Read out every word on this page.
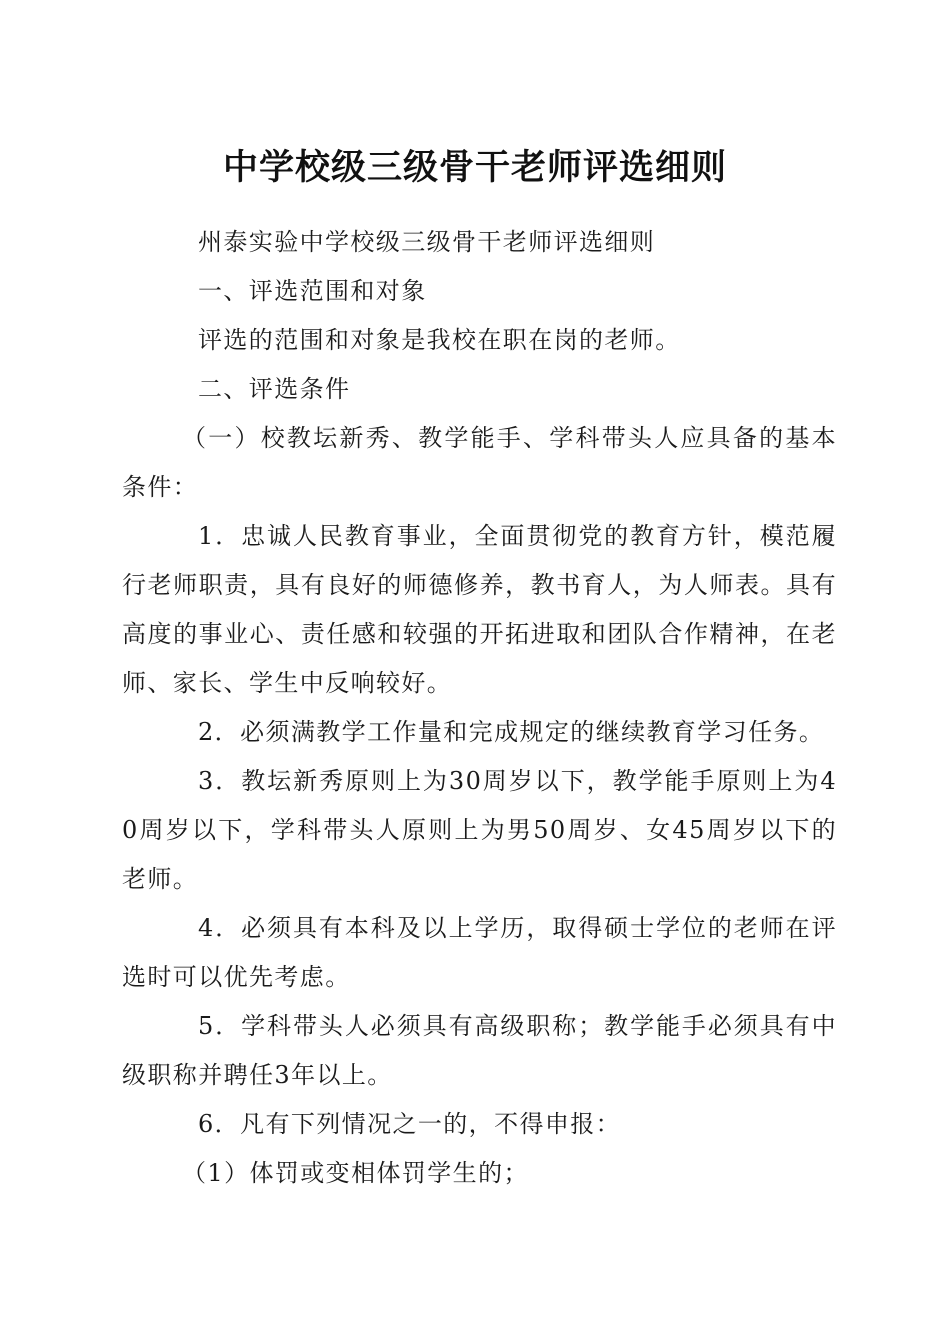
中学校级三级骨干老师评选细则

州泰实验中学校级三级骨干老师评选细则

一、评选范围和对象

评选的范围和对象是我校在职在岗的老师。

二、评选条件

（一）校教坛新秀、教学能手、学科带头人应具备的基本条件：

1．忠诚人民教育事业，全面贯彻党的教育方针，模范履行老师职责，具有良好的师德修养，教书育人，为人师表。具有高度的事业心、责任感和较强的开拓进取和团队合作精神，在老师、家长、学生中反响较好。

2．必须满教学工作量和完成规定的继续教育学习任务。

3．教坛新秀原则上为30周岁以下，教学能手原则上为40周岁以下，学科带头人原则上为男50周岁、女45周岁以下的老师。

4．必须具有本科及以上学历，取得硕士学位的老师在评选时可以优先考虑。

5．学科带头人必须具有高级职称；教学能手必须具有中级职称并聘任3年以上。

6．凡有下列情况之一的，不得申报：

（1）体罚或变相体罚学生的；
